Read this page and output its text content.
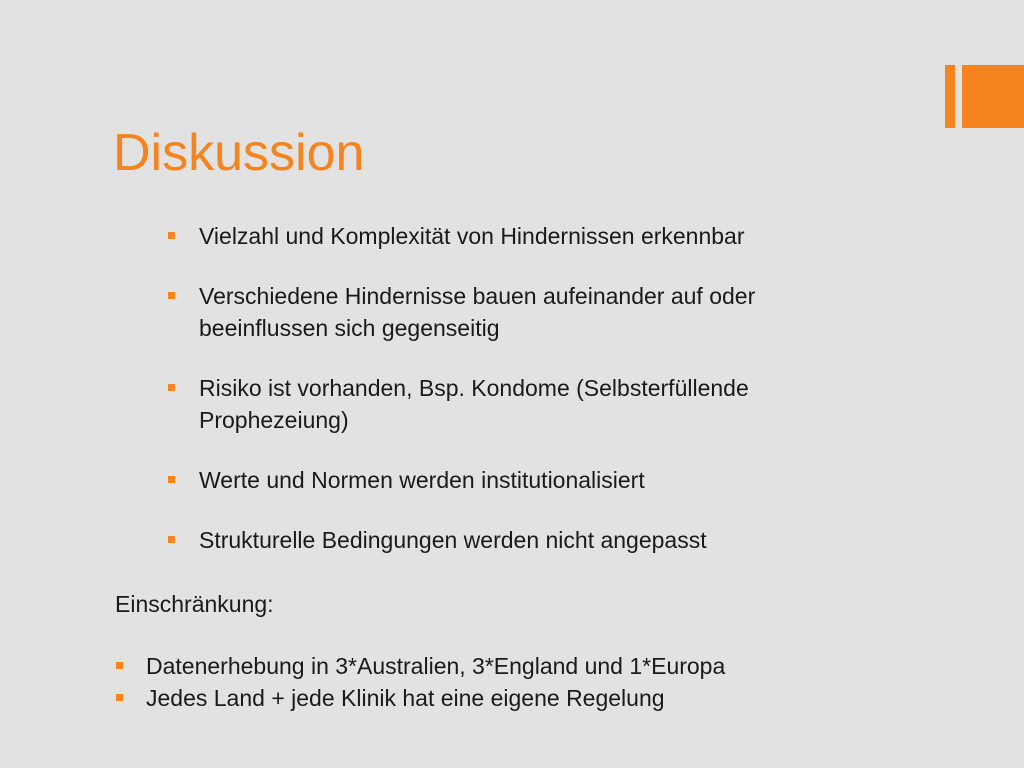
Diskussion
Vielzahl und Komplexität von Hindernissen erkennbar
Verschiedene Hindernisse bauen aufeinander auf oder beeinflussen sich gegenseitig
Risiko ist vorhanden, Bsp. Kondome (Selbsterfüllende Prophezeiung)
Werte und Normen werden institutionalisiert
Strukturelle Bedingungen werden nicht angepasst
Einschränkung:
Datenerhebung in 3*Australien, 3*England und 1*Europa
Jedes Land + jede Klinik hat eine eigene Regelung
